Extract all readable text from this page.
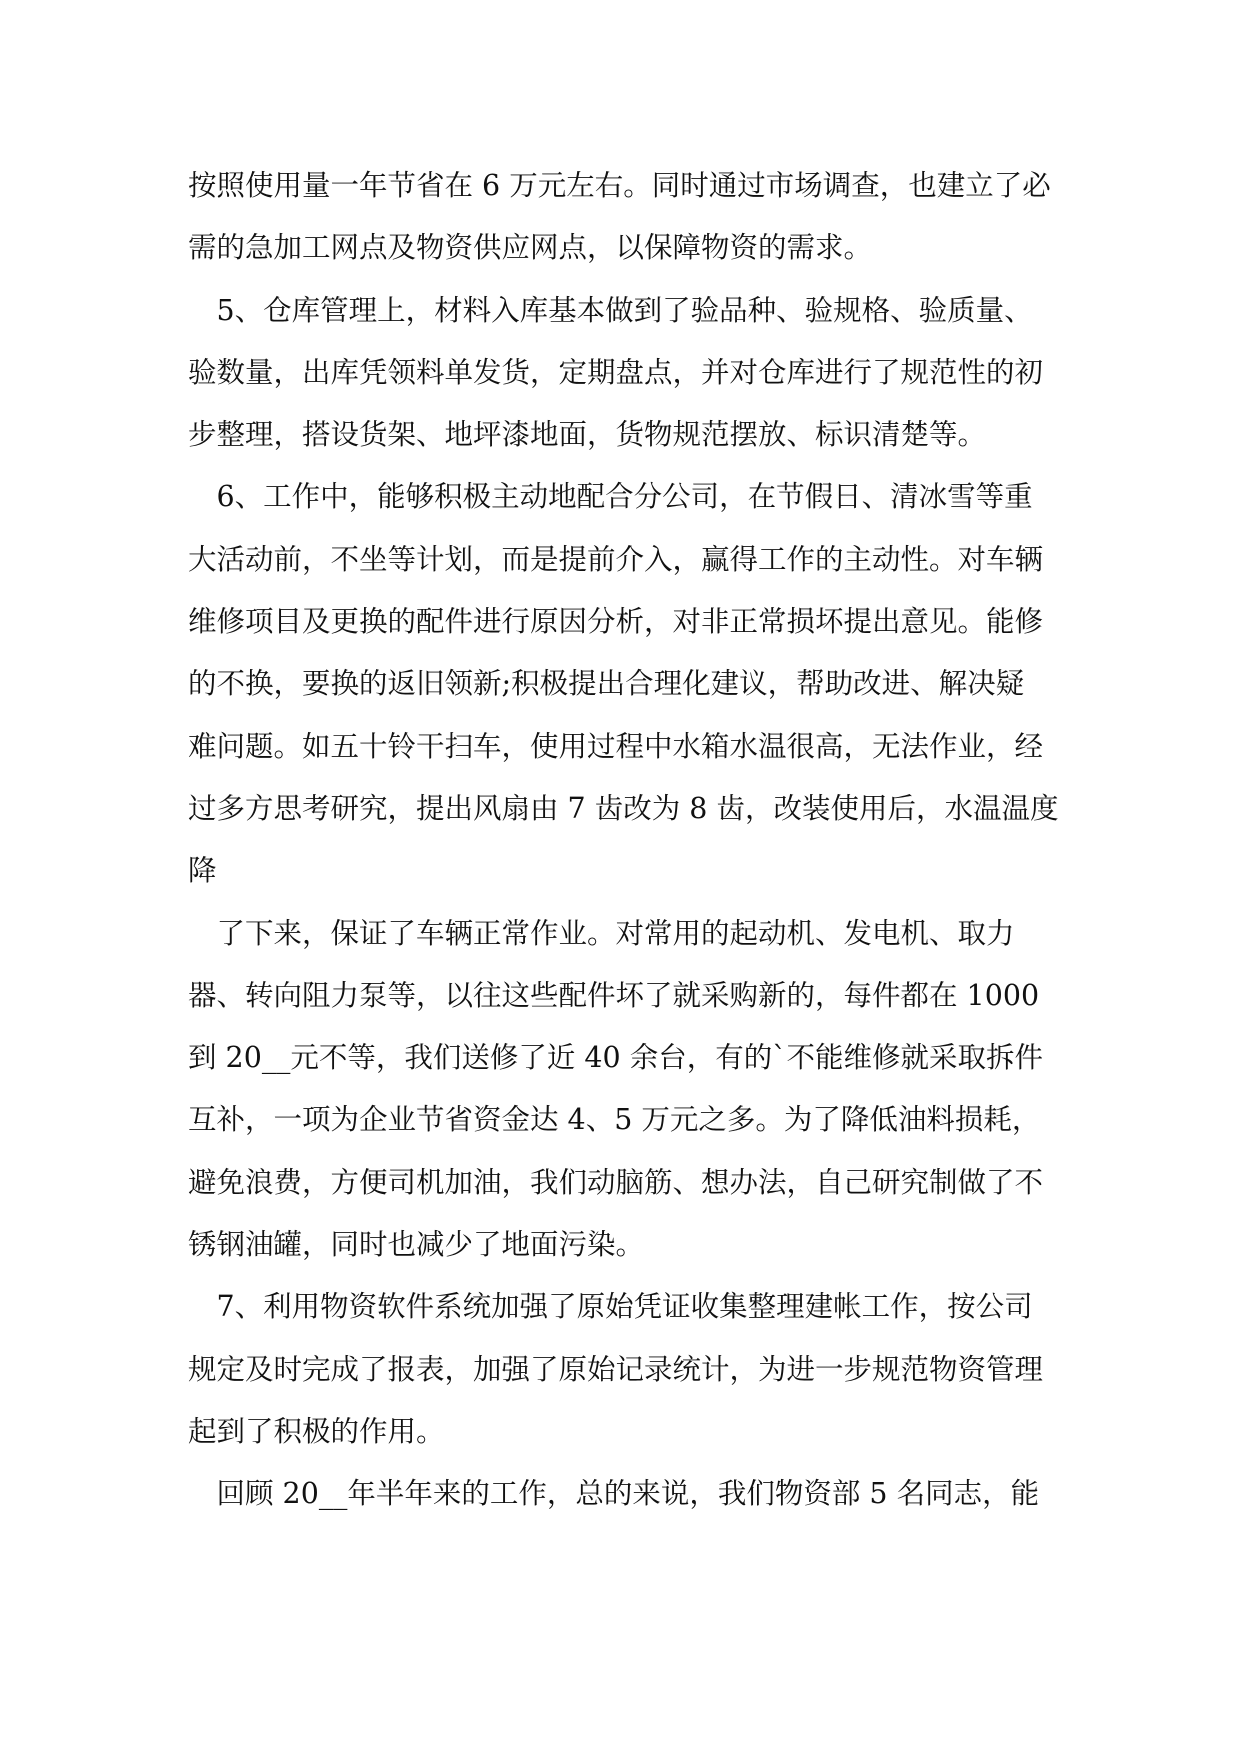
按照使用量一年节省在 6 万元左右。同时通过市场调查，也建立了必
需的急加工网点及物资供应网点，以保障物资的需求。
　5、仓库管理上，材料入库基本做到了验品种、验规格、验质量、
验数量，出库凭领料单发货，定期盘点，并对仓库进行了规范性的初
步整理，搭设货架、地坪漆地面，货物规范摆放、标识清楚等。
　6、工作中，能够积极主动地配合分公司，在节假日、清冰雪等重
大活动前，不坐等计划，而是提前介入，赢得工作的主动性。对车辆
维修项目及更换的配件进行原因分析，对非正常损坏提出意见。能修
的不换，要换的返旧领新;积极提出合理化建议，帮助改进、解决疑
难问题。如五十铃干扫车，使用过程中水箱水温很高，无法作业，经
过多方思考研究，提出风扇由 7 齿改为 8 齿，改装使用后，水温温度
降
　了下来，保证了车辆正常作业。对常用的起动机、发电机、取力
器、转向阻力泵等，以往这些配件坏了就采购新的，每件都在 1000
到 20__元不等，我们送修了近 40 余台，有的`不能维修就采取拆件
互补，一项为企业节省资金达 4、5 万元之多。为了降低油料损耗，
避免浪费，方便司机加油，我们动脑筋、想办法，自己研究制做了不
锈钢油罐，同时也减少了地面污染。
　7、利用物资软件系统加强了原始凭证收集整理建帐工作，按公司
规定及时完成了报表，加强了原始记录统计，为进一步规范物资管理
起到了积极的作用。
　回顾 20__年半年来的工作，总的来说，我们物资部 5 名同志，能
